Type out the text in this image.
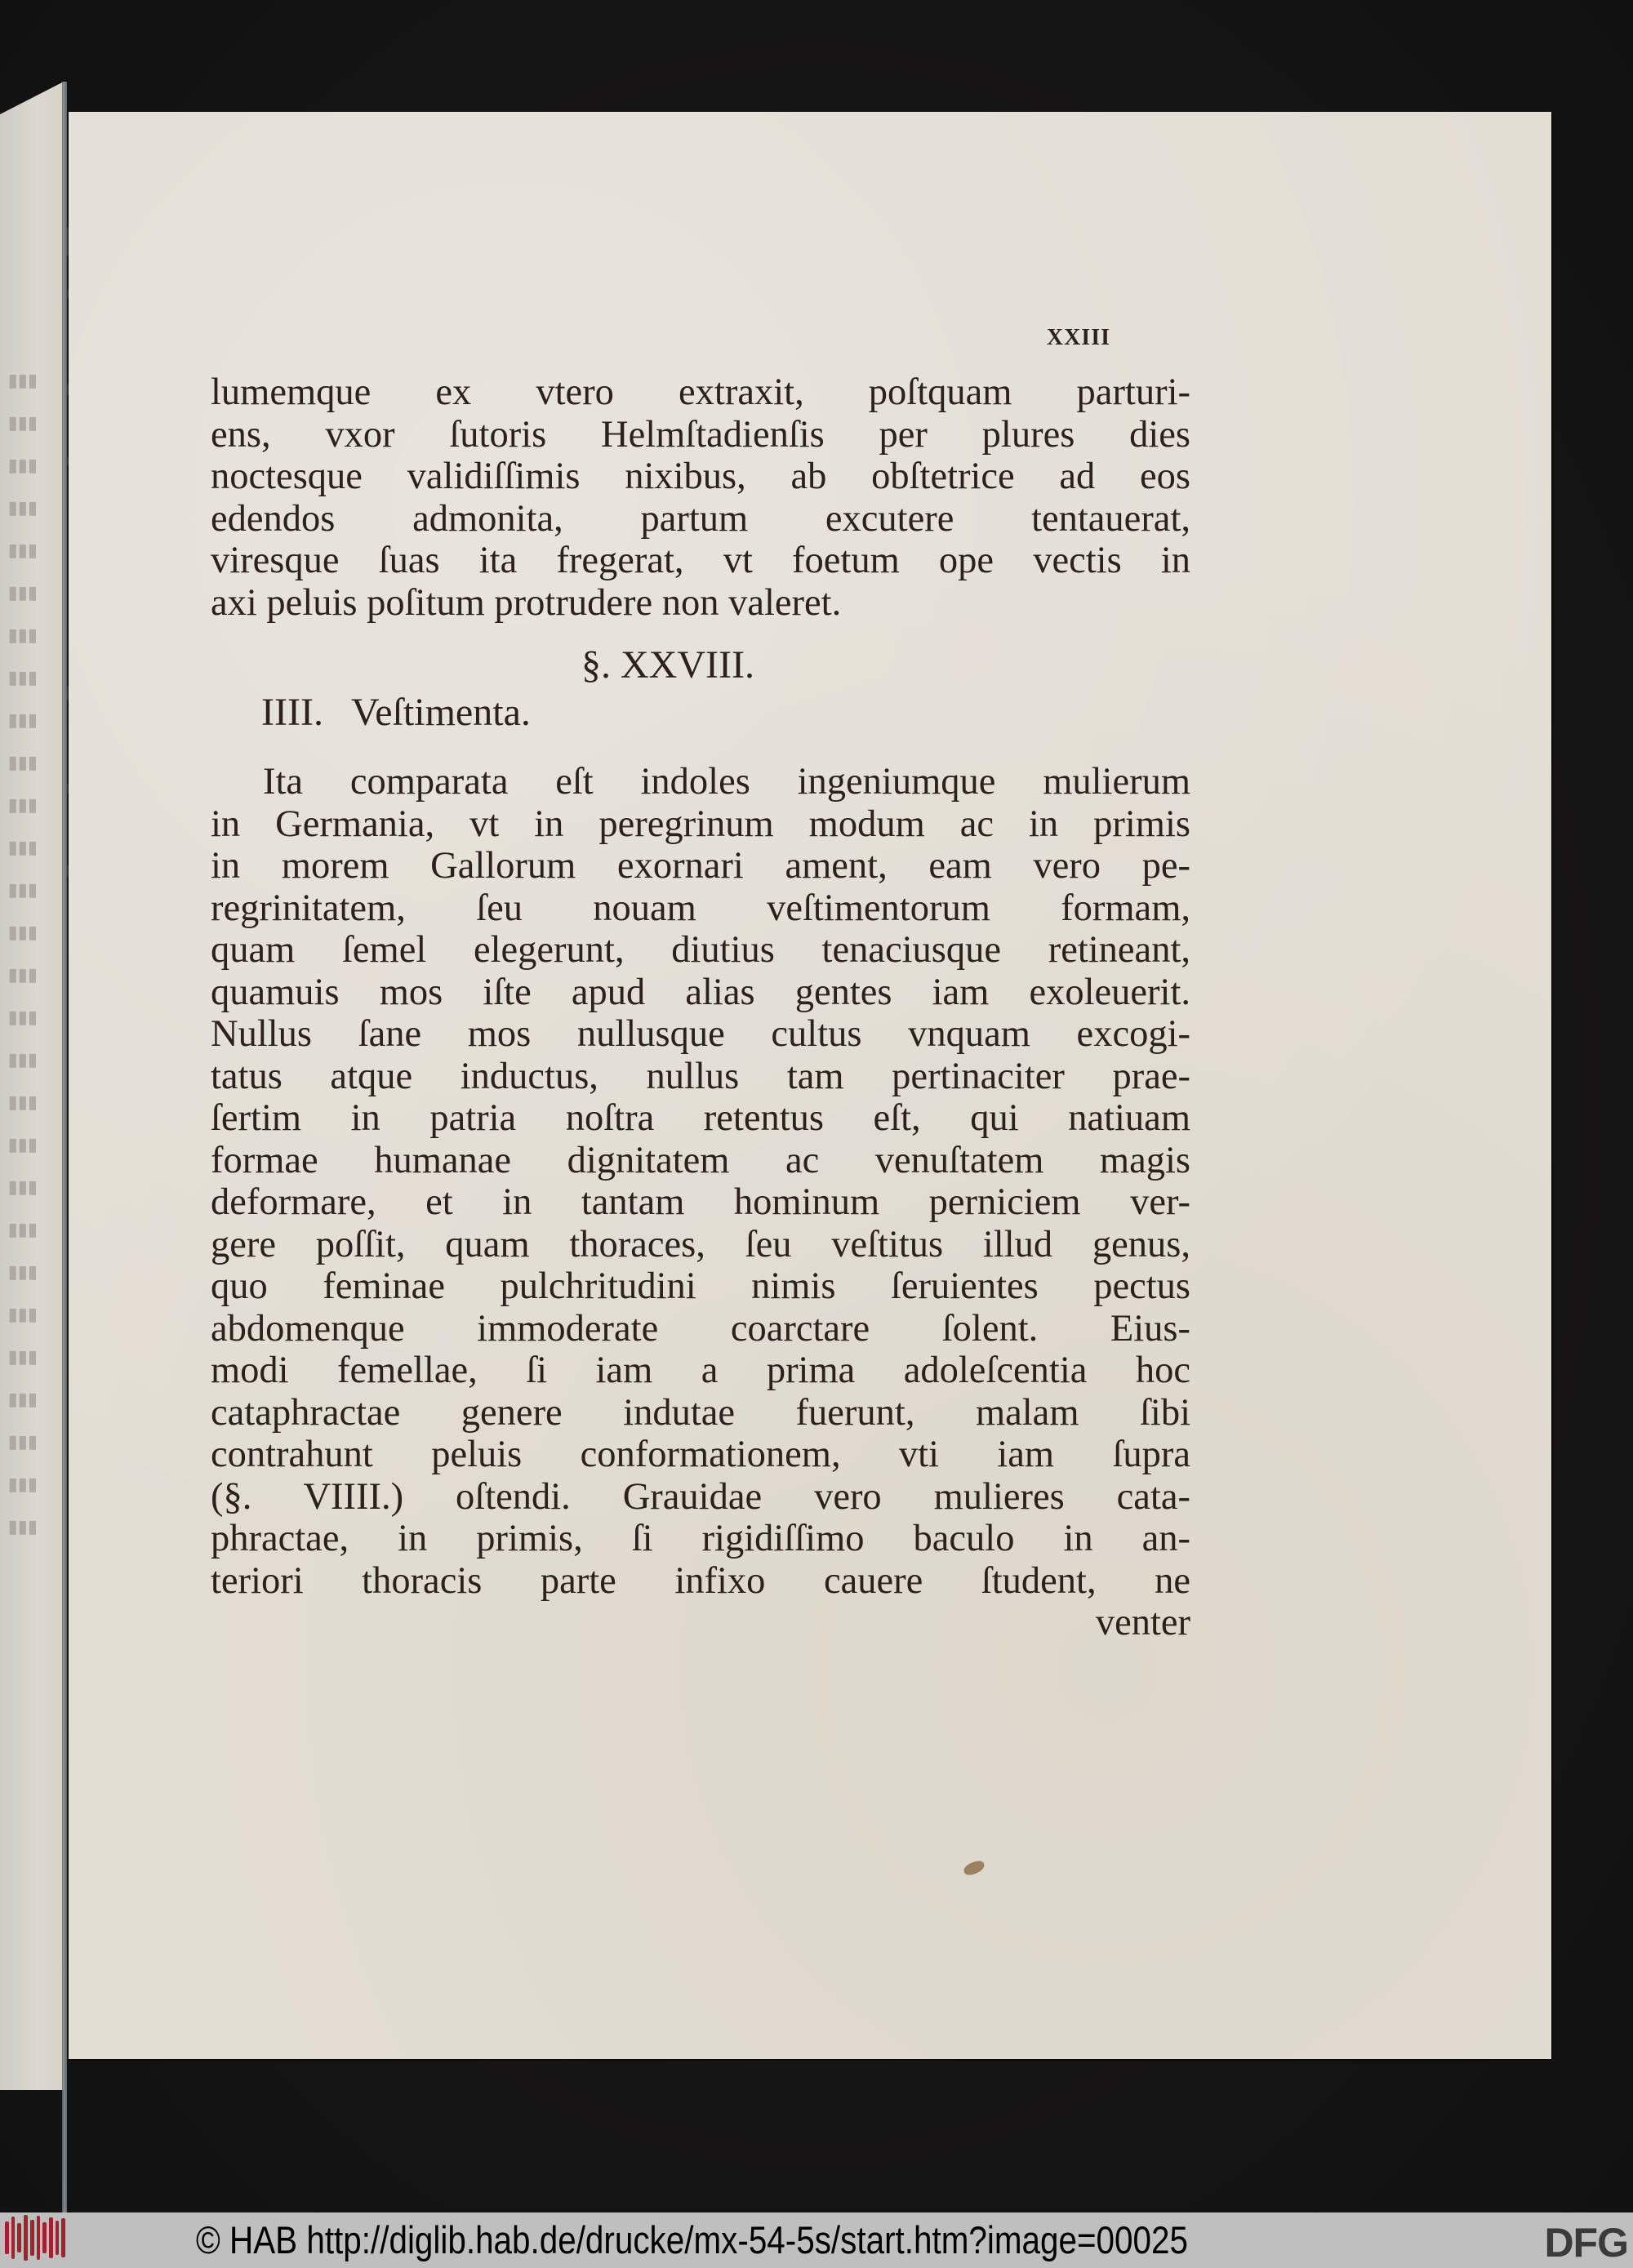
▮▮▮
▮▮▮
▮▮▮
▮▮▮
▮▮▮
▮▮▮
▮▮▮
▮▮▮
▮▮▮
▮▮▮
▮▮▮
▮▮▮
▮▮▮
▮▮▮
▮▮▮
▮▮▮
▮▮▮
▮▮▮
▮▮▮
▮▮▮
▮▮▮
▮▮▮
▮▮▮
▮▮▮
▮▮▮
▮▮▮
▮▮▮
▮▮▮
xxiii
lumemque ex vtero extraxit, poſtquam parturi-
ens, vxor ſutoris Helmſtadienſis per plures dies
noctesque validiſſimis nixibus, ab obſtetrice ad eos
edendos admonita, partum excutere tentauerat,
viresque ſuas ita fregerat, vt foetum ope vectis in
axi peluis poſitum protrudere non valeret.
§. XXVIII.
IIII. Veſtimenta.
Ita comparata eſt indoles ingeniumque mulierum
in Germania, vt in peregrinum modum ac in primis
in morem Gallorum exornari ament, eam vero pe-
regrinitatem, ſeu nouam veſtimentorum formam,
quam ſemel elegerunt, diutius tenaciusque retineant,
quamuis mos iſte apud alias gentes iam exoleuerit.
Nullus ſane mos nullusque cultus vnquam excogi-
tatus atque inductus, nullus tam pertinaciter prae-
ſertim in patria noſtra retentus eſt, qui natiuam
formae humanae dignitatem ac venuſtatem magis
deformare, et in tantam hominum perniciem ver-
gere poſſit, quam thoraces, ſeu veſtitus illud genus,
quo feminae pulchritudini nimis ſeruientes pectus
abdomenque immoderate coarctare ſolent. Eius-
modi femellae, ſi iam a prima adoleſcentia hoc
cataphractae genere indutae fuerunt, malam ſibi
contrahunt peluis conformationem, vti iam ſupra
(§. VIIII.) oſtendi. Grauidae vero mulieres cata-
phractae, in primis, ſi rigidiſſimo baculo in an-
teriori thoracis parte infixo cauere ſtudent, ne
venter
© HAB http://diglib.hab.de/drucke/mx-54-5s/start.htm?image=00025	DFG
